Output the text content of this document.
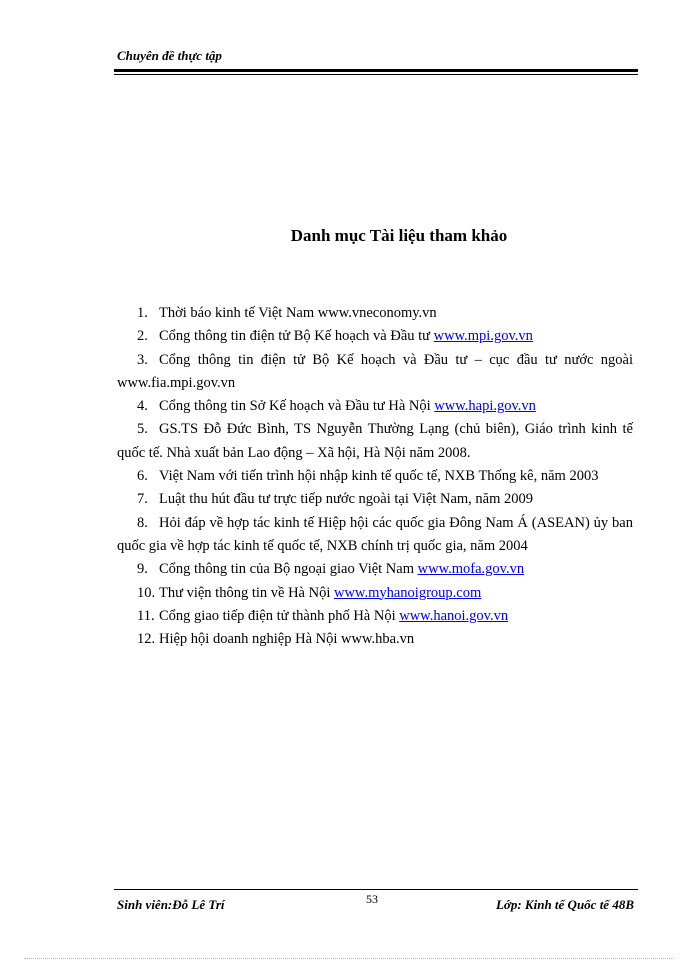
Chuyên đề thực tập
Danh mục Tài liệu tham khảo

1. Thời báo kinh tế Việt Nam www.vneconomy.vn

2. Cổng thông tin điện tử Bộ Kế hoạch và Đầu tư www.mpi.gov.vn

3. Cổng thông tin điện tử Bộ Kế hoạch và Đầu tư – cục đầu tư nước ngoài www.fia.mpi.gov.vn

4. Cổng thông tin Sở Kế hoạch và Đầu tư Hà Nội www.hapi.gov.vn

5. GS.TS Đỗ Đức Bình, TS Nguyễn Thường Lạng (chủ biên), Giáo trình kinh tế quốc tế. Nhà xuất bản Lao động – Xã hội, Hà Nội năm 2008.

6. Việt Nam với tiến trình hội nhập kinh tế quốc tế, NXB Thống kê, năm 2003

7. Luật thu hút đầu tư trực tiếp nước ngoài tại Việt Nam, năm 2009

8. Hỏi đáp về hợp tác kinh tế Hiệp hội các quốc gia Đông Nam Á (ASEAN) ủy ban quốc gia về hợp tác kinh tế quốc tế, NXB chính trị quốc gia, năm 2004

9. Cổng thông tin của Bộ ngoại giao Việt Nam www.mofa.gov.vn

10. Thư viện thông tin về Hà Nội www.myhanoigroup.com

11. Cổng giao tiếp điện tử thành phố Hà Nội www.hanoi.gov.vn

12. Hiệp hội doanh nghiệp Hà Nội www.hba.vn

Sinh viên:Đỗ Lê Trí	53	Lớp: Kinh tế Quốc tế 48B
